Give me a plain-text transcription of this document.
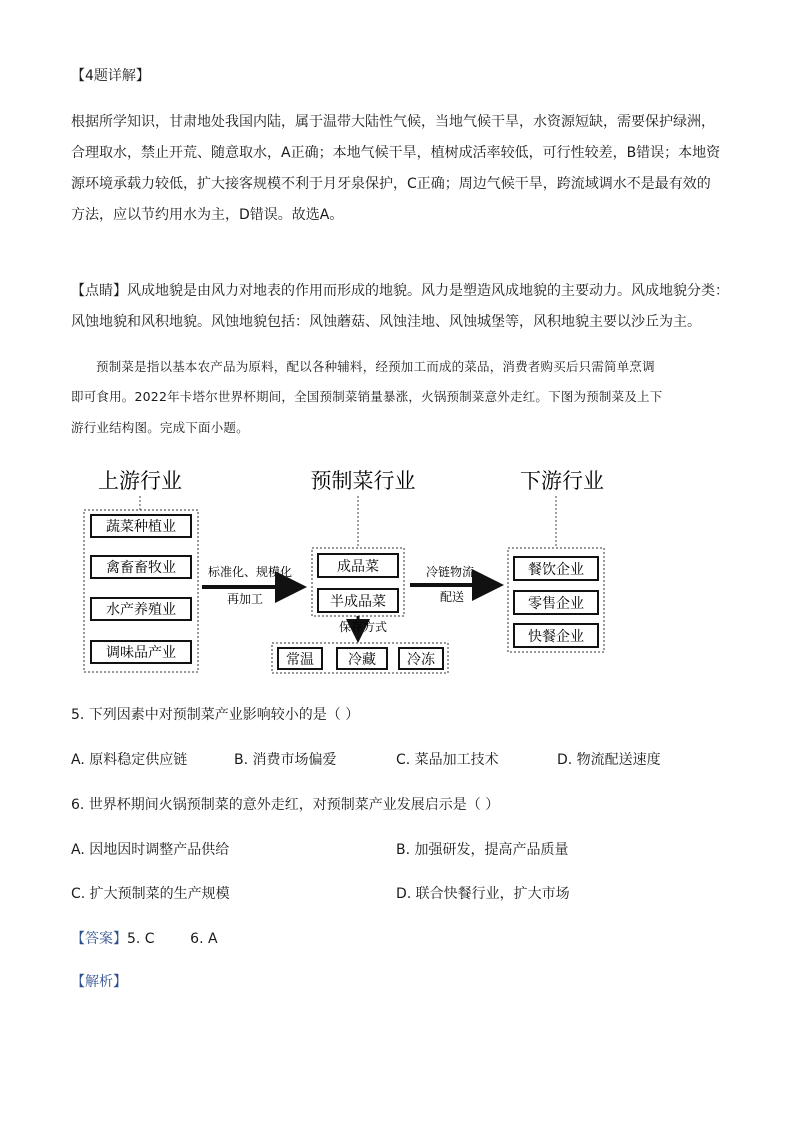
【4题详解】
根据所学知识，甘肃地处我国内陆，属于温带大陆性气候，当地气候干旱，水资源短缺，需要保护绿洲，
合理取水，禁止开荒、随意取水，A正确；本地气候干旱，植树成活率较低，可行性较差，B错误；本地资
源环境承载力较低，扩大接客规模不利于月牙泉保护，C正确；周边气候干旱，跨流域调水不是最有效的
方法，应以节约用水为主，D错误。故选A。
【点睛】风成地貌是由风力对地表的作用而形成的地貌。风力是塑造风成地貌的主要动力。风成地貌分类：
风蚀地貌和风积地貌。风蚀地貌包括：风蚀蘑菇、风蚀洼地、风蚀城堡等，风积地貌主要以沙丘为主。
预制菜是指以基本农产品为原料，配以各种辅料，经预加工而成的菜品，消费者购买后只需简单烹调
即可食用。2022年卡塔尔世界杯期间，全国预制菜销量暴涨，火锅预制菜意外走红。下图为预制菜及上下
游行业结构图。完成下面小题。
上游行业	预制菜行业	下游行业
蔬菜种植业
禽畜畜牧业
水产养殖业
调味品产业
标准化、规模化
再加工
成品菜
半成品菜
保存方式
常温 冷藏 冷冻
冷链物流
配送
餐饮企业
零售企业
快餐企业
5. 下列因素中对预制菜产业影响较小的是（ ）
A. 原料稳定供应链	B. 消费市场偏爱	C. 菜品加工技术	D. 物流配送速度
6. 世界杯期间火锅预制菜的意外走红，对预制菜产业发展启示是（ ）
A. 因地因时调整产品供给	B. 加强研发，提高产品质量
C. 扩大预制菜的生产规模	D. 联合快餐行业，扩大市场
【答案】5. C        6. A
【解析】
